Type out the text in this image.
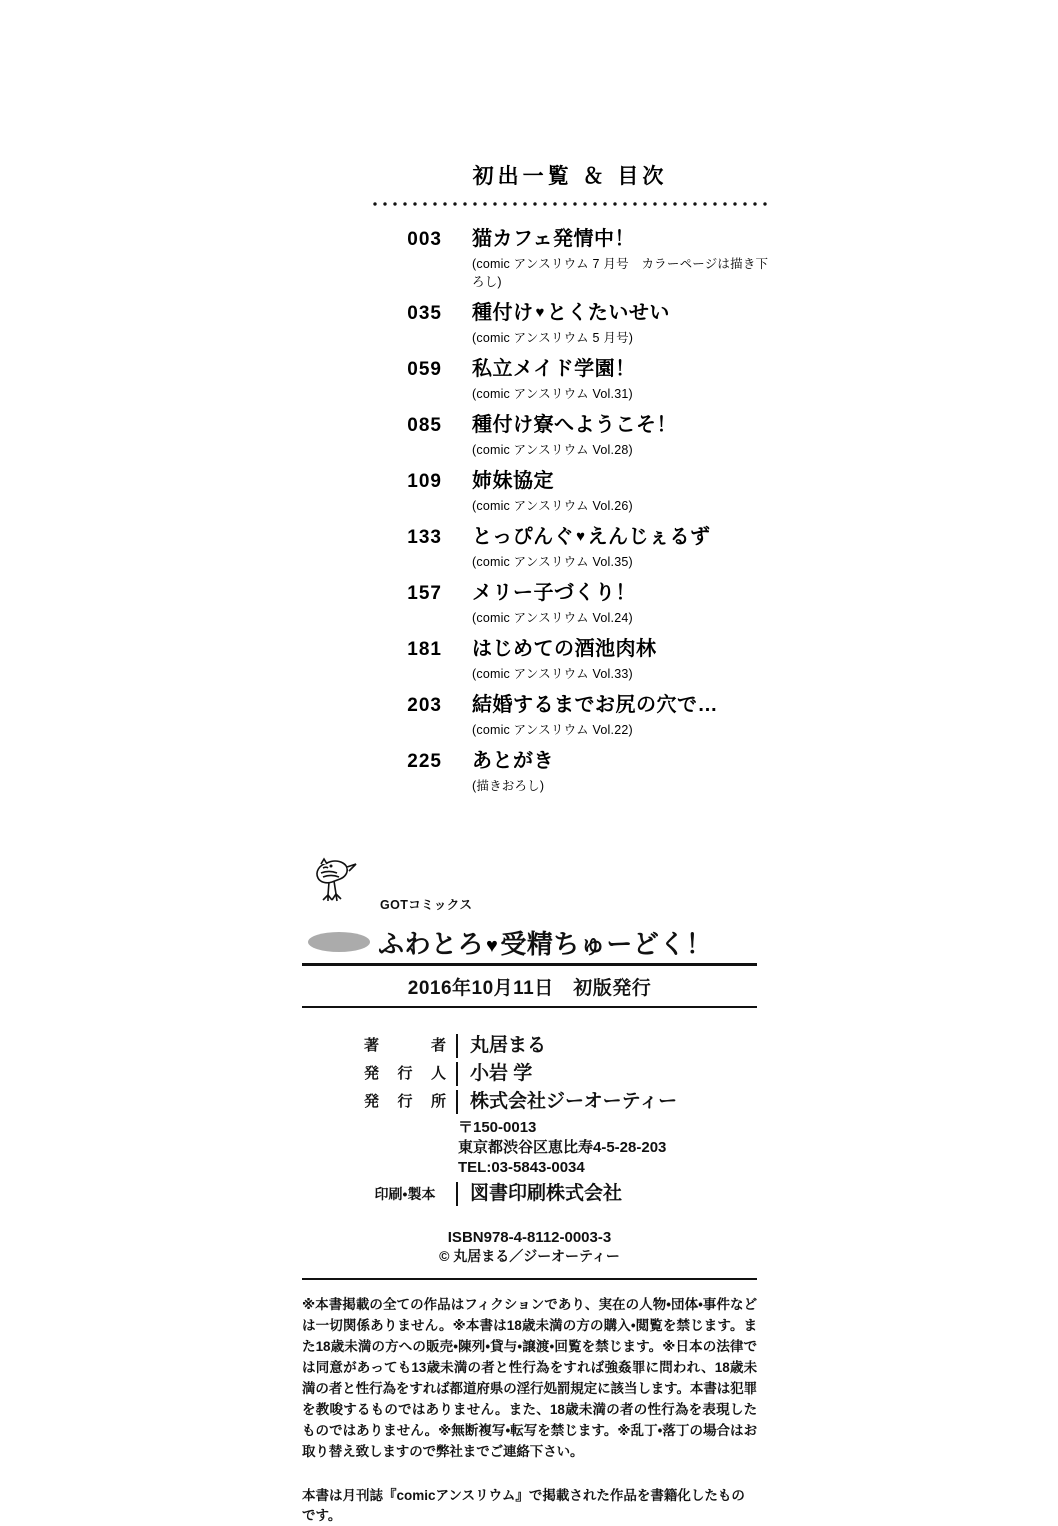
初出一覧 ＆ 目次
003 猫カフェ発情中！
(comic アンスリウム 7 月号　カラーページは描き下ろし)
035 種付け ♥ とくたいせい
(comic アンスリウム 5 月号)
059 私立メイド学園！
(comic アンスリウム Vol.31)
085 種付け寮へようこそ！
(comic アンスリウム Vol.28)
109 姉妹協定
(comic アンスリウム Vol.26)
133 とっぴんぐ ♥ えんじぇるず
(comic アンスリウム Vol.35)
157 メリー子づくり！
(comic アンスリウム Vol.24)
181 はじめての酒池肉林
(comic アンスリウム Vol.33)
203 結婚するまでお尻の穴で…
(comic アンスリウム Vol.22)
225 あとがき
(描きおろし)
GOTコミックス
ふわとろ ♥受精ちゅーどく！
2016年10月11日　初版発行
著　者	丸居まる
発 行 人	小岩 学
発 行 所	株式会社ジーオーティー
〒150-0013
東京都渋谷区恵比寿4-5-28-203
TEL:03-5843-0034
印刷•製本	図書印刷株式会社
ISBN978-4-8112-0003-3
© 丸居まる／ジーオーティー
※本書掲載の全ての作品はフィクションであり、実在の人物•団体•事件などは一切関係ありません。※本書は18歳未満の方の購入•閲覧を禁じます。また18歳未満の方への販売•陳列•貸与•譲渡•回覧を禁じます。※日本の法律では同意があっても13歳未満の者と性行為をすれば強姦罪に問われ、18歳未満の者と性行為をすれば都道府県の淫行処罰規定に該当します。本書は犯罪を教唆するものではありません。また、18歳未満の者の性行為を表現したものではありません。※無断複写•転写を禁じます。※乱丁•落丁の場合はお取り替え致しますので弊社までご連絡下さい。
本書は月刊誌『comicアンスリウム』で掲載された作品を書籍化したものです。
